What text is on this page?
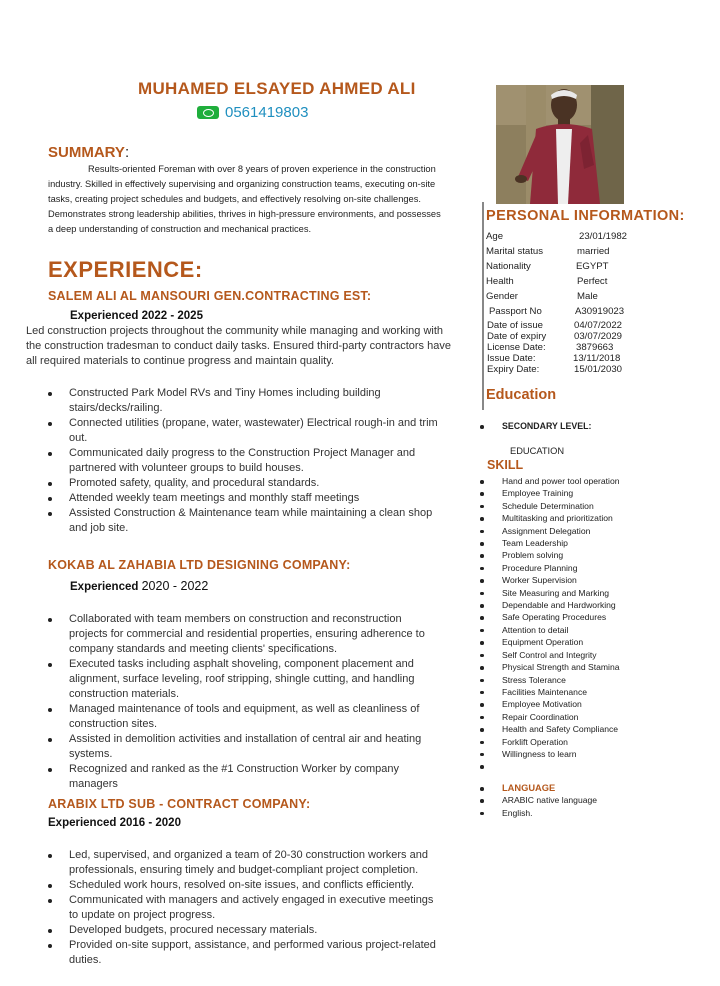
MUHAMED ELSAYED AHMED ALI
0561419803
SUMMARY:
Results-oriented Foreman with over 8 years of proven experience in the construction industry. Skilled in effectively supervising and organizing construction teams, executing on-site tasks, creating project schedules and budgets, and effectively resolving on-site challenges. Demonstrates strong leadership abilities, thrives in high-pressure environments, and possesses a deep understanding of construction and mechanical practices.
EXPERIENCE:
SALEM ALI AL MANSOURI GEN.CONTRACTING EST:
Experienced 2022 - 2025
Led construction projects throughout the community while managing and working with the construction tradesman to conduct daily tasks. Ensured third-party contractors have all required materials to continue progress and maintain quality.
Constructed Park Model RVs and Tiny Homes including building stairs/decks/railing.
Connected utilities (propane, water, wastewater) Electrical rough-in and trim out.
Communicated daily progress to the Construction Project Manager and partnered with volunteer groups to build houses.
Promoted safety, quality, and procedural standards.
Attended weekly team meetings and monthly staff meetings
Assisted Construction & Maintenance team while maintaining a clean shop and job site.
KOKAB AL ZAHABIA LTD DESIGNING COMPANY:
Experienced 2020 - 2022
Collaborated with team members on construction and reconstruction projects for commercial and residential properties, ensuring adherence to company standards and meeting clients' specifications.
Executed tasks including asphalt shoveling, component placement and alignment, surface leveling, roof stripping, shingle cutting, and handling construction materials.
Managed maintenance of tools and equipment, as well as cleanliness of construction sites.
Assisted in demolition activities and installation of central air and heating systems.
Recognized and ranked as the #1 Construction Worker by company managers
ARABIX LTD SUB - CONTRACT COMPANY:
Experienced 2016 - 2020
Led, supervised, and organized a team of 20-30 construction workers and professionals, ensuring timely and budget-compliant project completion.
Scheduled work hours, resolved on-site issues, and conflicts efficiently.
Communicated with managers and actively engaged in executive meetings to update on project progress.
Developed budgets, procured necessary materials.
Provided on-site support, assistance, and performed various project-related duties.
PERSONAL INFORMATION:
Age	23/01/1982
Marital status	married
Nationality	EGYPT
Health	Perfect
Gender	Male
Passport No	A30919023
Date of issue	04/07/2022
Date of expiry	03/07/2029
License Date:	3879663
Issue Date:	13/11/2018
Expiry Date:	15/01/2030
Education
SECONDARY LEVEL:
EDUCATION
SKILL
Hand and power tool operation
Employee Training
Schedule Determination
Multitasking and prioritization
Assignment Delegation
Team Leadership
Problem solving
Procedure Planning
Worker Supervision
Site Measuring and Marking
Dependable and Hardworking
Safe Operating Procedures
Attention to detail
Equipment Operation
Self Control and Integrity
Physical Strength and Stamina
Stress Tolerance
Facilities Maintenance
Employee Motivation
Repair Coordination
Health and Safety Compliance
Forklift Operation
Willingness to learn
LANGUAGE
ARABIC native language
English.
